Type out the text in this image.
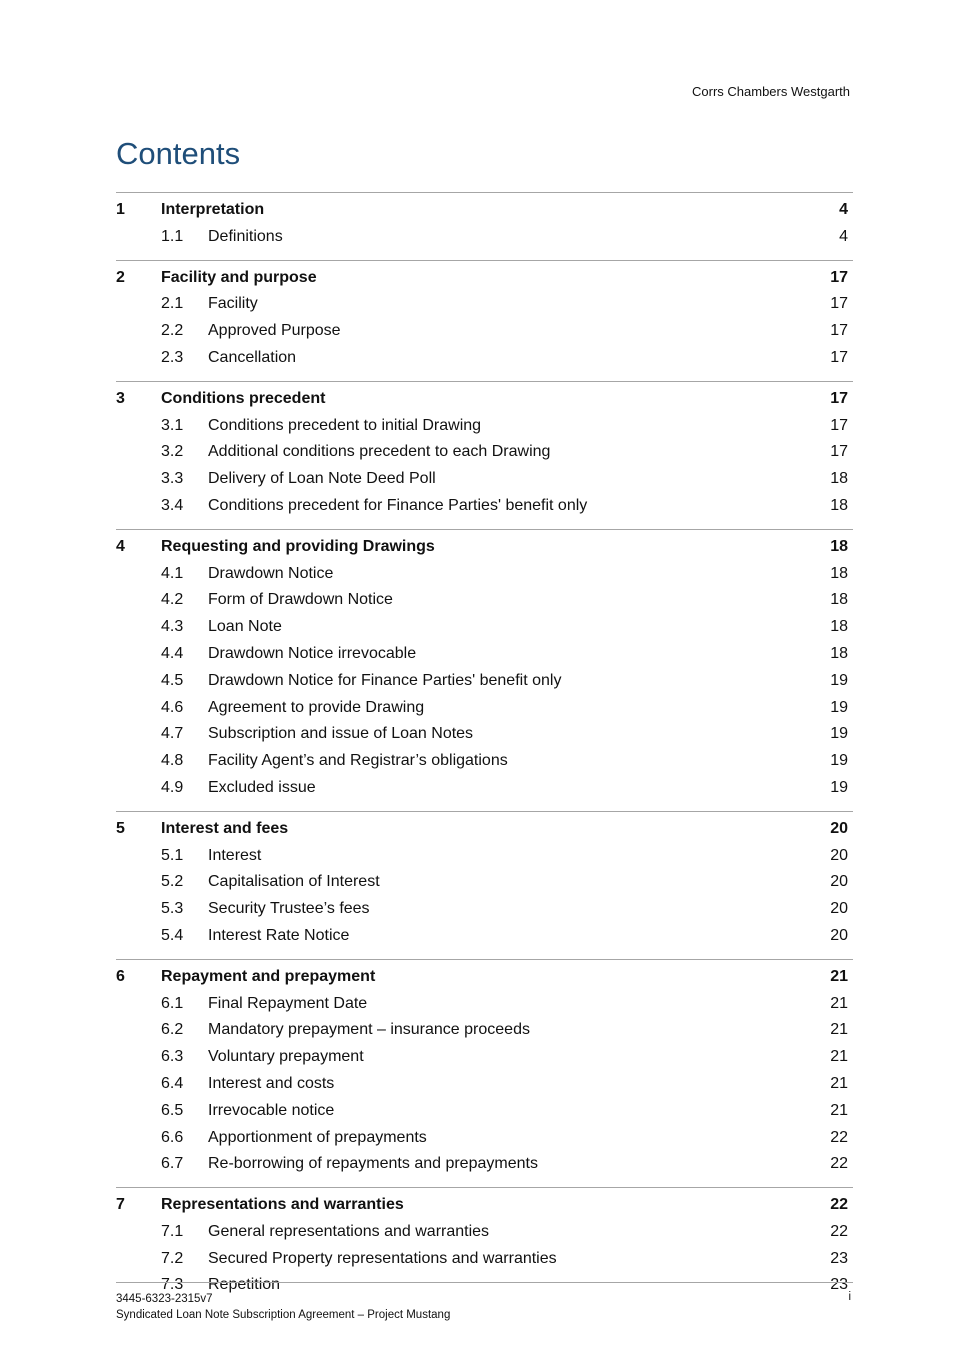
Corrs Chambers Westgarth
Contents
1 Interpretation	4
1.1 Definitions	4
2 Facility and purpose	17
2.1 Facility	17
2.2 Approved Purpose	17
2.3 Cancellation	17
3 Conditions precedent	17
3.1 Conditions precedent to initial Drawing	17
3.2 Additional conditions precedent to each Drawing	17
3.3 Delivery of Loan Note Deed Poll	18
3.4 Conditions precedent for Finance Parties' benefit only	18
4 Requesting and providing Drawings	18
4.1 Drawdown Notice	18
4.2 Form of Drawdown Notice	18
4.3 Loan Note	18
4.4 Drawdown Notice irrevocable	18
4.5 Drawdown Notice for Finance Parties' benefit only	19
4.6 Agreement to provide Drawing	19
4.7 Subscription and issue of Loan Notes	19
4.8 Facility Agent’s and Registrar’s obligations	19
4.9 Excluded issue	19
5 Interest and fees	20
5.1 Interest	20
5.2 Capitalisation of Interest	20
5.3 Security Trustee’s fees	20
5.4 Interest Rate Notice	20
6 Repayment and prepayment	21
6.1 Final Repayment Date	21
6.2 Mandatory prepayment – insurance proceeds	21
6.3 Voluntary prepayment	21
6.4 Interest and costs	21
6.5 Irrevocable notice	21
6.6 Apportionment of prepayments	22
6.7 Re-borrowing of repayments and prepayments	22
7 Representations and warranties	22
7.1 General representations and warranties	22
7.2 Secured Property representations and warranties	23
7.3 Repetition	23
3445-6323-2315v7
Syndicated Loan Note Subscription Agreement – Project Mustang
i
